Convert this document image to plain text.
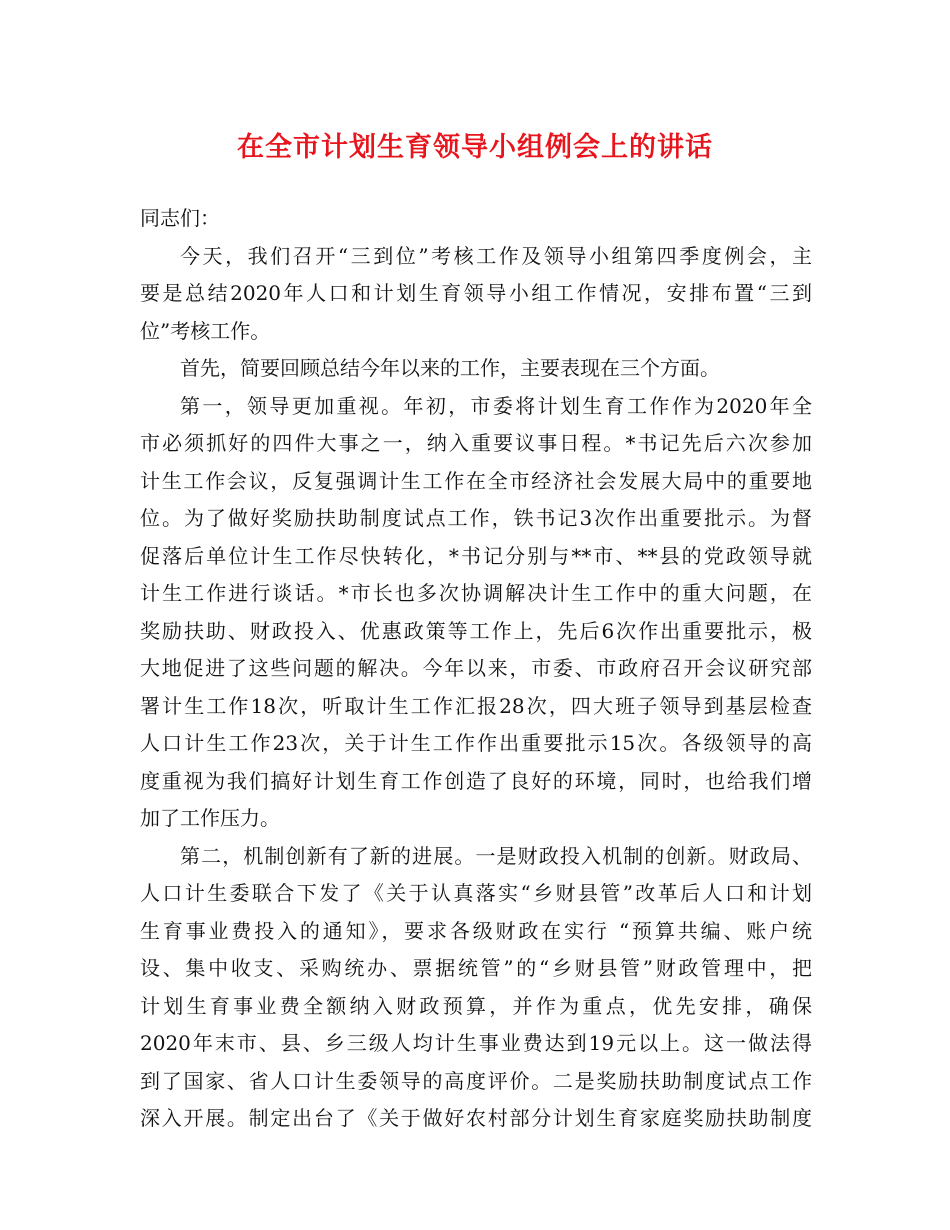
在全市计划生育领导小组例会上的讲话
同志们：
今天，我们召开“三到位”考核工作及领导小组第四季度例会，主
要是总结2020年人口和计划生育领导小组工作情况，安排布置“三到
位”考核工作。
首先，简要回顾总结今年以来的工作，主要表现在三个方面。
第一，领导更加重视。年初，市委将计划生育工作作为2020年全
市必须抓好的四件大事之一，纳入重要议事日程。*书记先后六次参加
计生工作会议，反复强调计生工作在全市经济社会发展大局中的重要地
位。为了做好奖励扶助制度试点工作，铁书记3次作出重要批示。为督
促落后单位计生工作尽快转化，*书记分别与**市、**县的党政领导就
计生工作进行谈话。*市长也多次协调解决计生工作中的重大问题，在
奖励扶助、财政投入、优惠政策等工作上，先后6次作出重要批示，极
大地促进了这些问题的解决。今年以来，市委、市政府召开会议研究部
署计生工作18次，听取计生工作汇报28次，四大班子领导到基层检查
人口计生工作23次，关于计生工作作出重要批示15次。各级领导的高
度重视为我们搞好计划生育工作创造了良好的环境，同时，也给我们增
加了工作压力。
第二，机制创新有了新的进展。一是财政投入机制的创新。财政局、
人口计生委联合下发了《关于认真落实“乡财县管”改革后人口和计划
生育事业费投入的通知》，要求各级财政在实行 “预算共编、账户统
设、集中收支、采购统办、票据统管”的“乡财县管”财政管理中，把
计划生育事业费全额纳入财政预算，并作为重点，优先安排，确保
2020年末市、县、乡三级人均计生事业费达到19元以上。这一做法得
到了国家、省人口计生委领导的高度评价。二是奖励扶助制度试点工作
深入开展。制定出台了《关于做好农村部分计划生育家庭奖励扶助制度
